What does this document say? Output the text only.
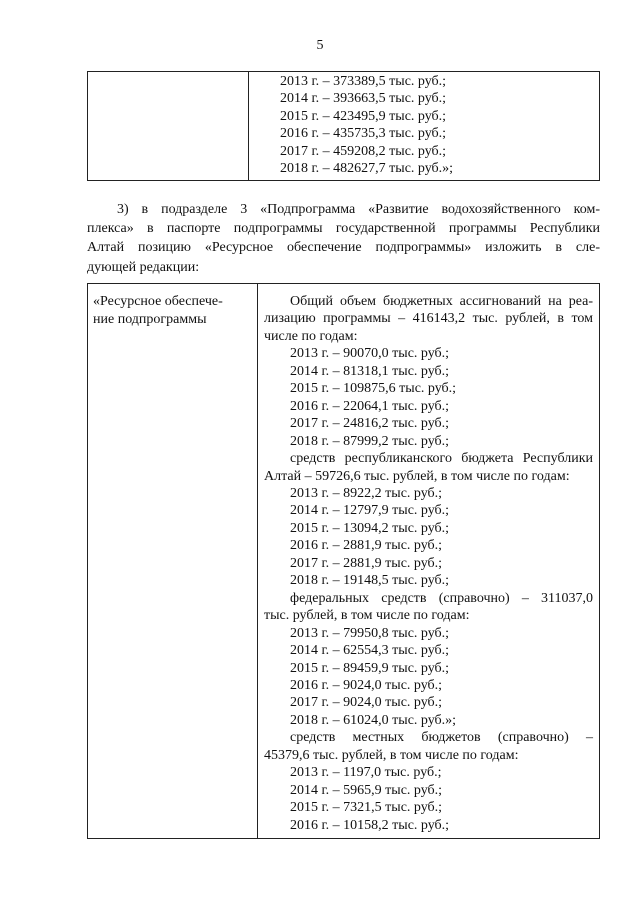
5

2013 г. – 373389,5 тыс. руб.;
2014 г. – 393663,5 тыс. руб.;
2015 г. – 423495,9 тыс. руб.;
2016 г. – 435735,3 тыс. руб.;
2017 г. – 459208,2 тыс. руб.;
2018 г. – 482627,7 тыс. руб.»;
3) в подразделе 3 «Подпрограмма «Развитие водохозяйственного ком-
плекса» в паспорте подпрограммы государственной программы Республики
Алтай позицию «Ресурсное обеспечение подпрограммы» изложить в сле-
дующей редакции:
«Ресурсное обеспече-
ние подпрограммы

Общий объем бюджетных ассигнований на реа-
лизацию программы – 416143,2 тыс. рублей, в том
числе по годам:
2013 г. – 90070,0 тыс. руб.;
2014 г. – 81318,1 тыс. руб.;
2015 г. – 109875,6 тыс. руб.;
2016 г. – 22064,1 тыс. руб.;
2017 г. – 24816,2 тыс. руб.;
2018 г. – 87999,2 тыс. руб.;
средств республиканского бюджета Республики
Алтай – 59726,6 тыс. рублей, в том числе по годам:
2013 г. – 8922,2 тыс. руб.;
2014 г. – 12797,9 тыс. руб.;
2015 г. – 13094,2 тыс. руб.;
2016 г. – 2881,9 тыс. руб.;
2017 г. – 2881,9 тыс. руб.;
2018 г. – 19148,5 тыс. руб.;
федеральных средств (справочно) – 311037,0
тыс. рублей, в том числе по годам:
2013 г. – 79950,8 тыс. руб.;
2014 г. – 62554,3 тыс. руб.;
2015 г. – 89459,9 тыс. руб.;
2016 г. – 9024,0 тыс. руб.;
2017 г. – 9024,0 тыс. руб.;
2018 г. – 61024,0 тыс. руб.»;
средств местных бюджетов (справочно) –
45379,6 тыс. рублей, в том числе по годам:
2013 г. – 1197,0 тыс. руб.;
2014 г. – 5965,9 тыс. руб.;
2015 г. – 7321,5 тыс. руб.;
2016 г. – 10158,2 тыс. руб.;
